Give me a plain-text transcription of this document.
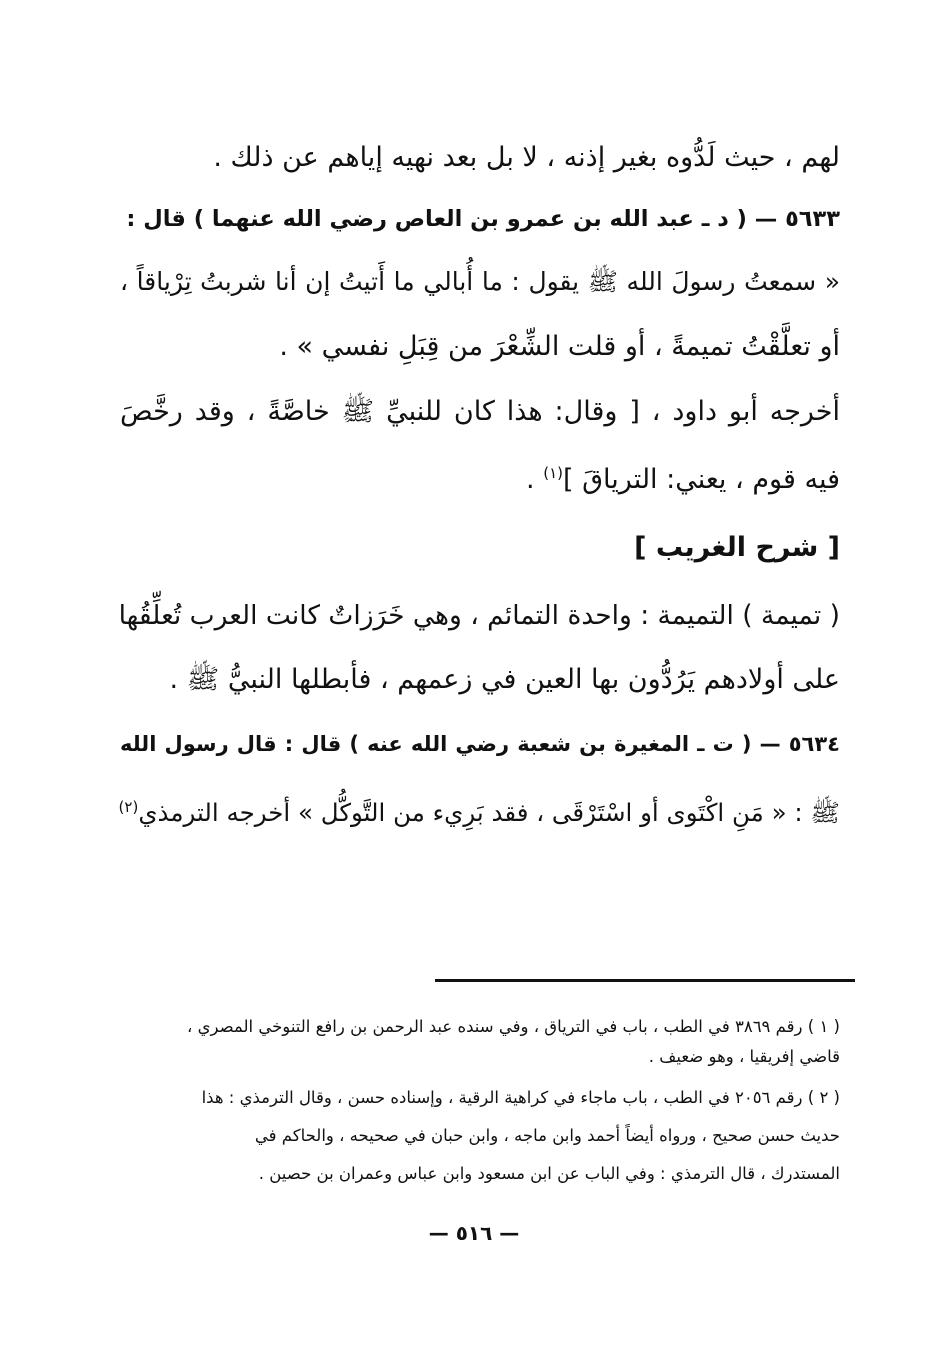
لهم ، حيث لَدُّوه بغير إذنه ، لا بل بعد نهيه إياهم عن ذلك .
٥٦٣٣ — ( د ـ عبد الله بن عمرو بن العاص رضي الله عنهما ) قال :
« سمعتُ رسولَ الله ﷺ يقول : ما أُبالي ما أَتيتُ إن أنا شربتُ تِرْياقاً ،
أو تعلَّقْتُ تميمةً ، أو قلت الشِّعْرَ من قِبَلِ نفسي » .
أخرجه أبو داود ، [ وقال: هذا كان للنبيِّ ﷺ خاصَّةً ، وقد رخَّصَ
فيه قوم ، يعني: الترياقَ ]$^{(١)}$ .
[ شرح الغريب ]
( تميمة ) التميمة : واحدة التمائم ، وهي خَرَزاتٌ كانت العرب تُعلِّقُها
على أولادهم يَرُدُّون بها العين في زعمهم ، فأبطلها النبيُّ ﷺ .
٥٦٣٤ — ( ت ـ المغيرة بن شعبة رضي الله عنه ) قال : قال رسول الله
ﷺ : « مَنِ اكْتَوى أو اسْتَرْقَى ، فقد بَرِيء من التَّوكُّل » أخرجه الترمذي$^{(٢)}$
( ١ ) رقم ٣٨٦٩ في الطب ، باب في الترياق ، وفي سنده عبد الرحمن بن رافع التنوخي المصري ،
قاضي إفريقيا ، وهو ضعيف .
( ٢ ) رقم ٢٠٥٦ في الطب ، باب ماجاء في كراهية الرقية ، وإسناده حسن ، وقال الترمذي : هذا
حديث حسن صحيح ، ورواه أيضاً أحمد وابن ماجه ، وابن حبان في صحيحه ، والحاكم في
المستدرك ، قال الترمذي : وفي الباب عن ابن مسعود وابن عباس وعمران بن حصين .
— ٥١٦ —
